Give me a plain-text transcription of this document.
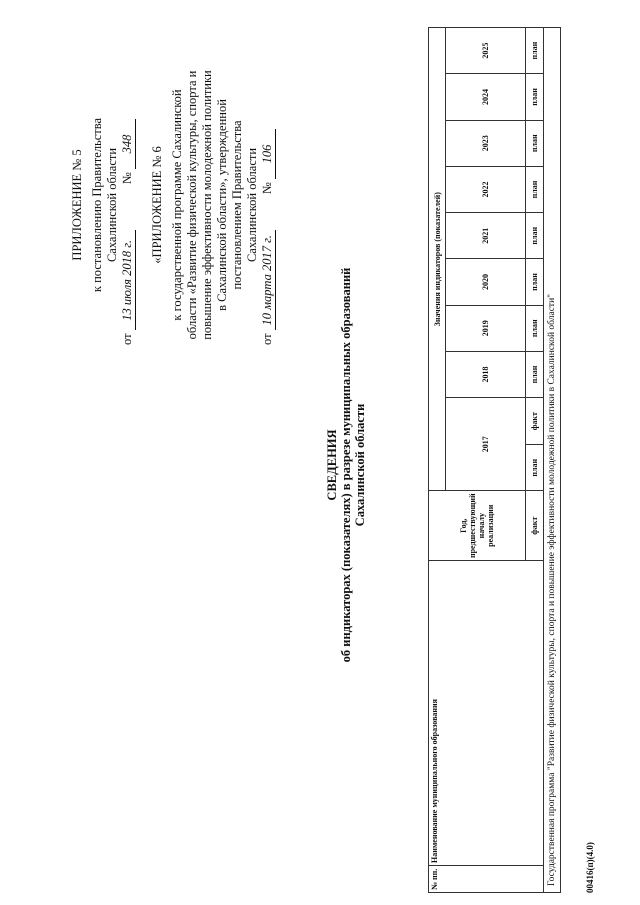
ПРИЛОЖЕНИЕ № 5 к постановлению Правительства Сахалинской области
от 13 июля 2018 г.  № 348
«ПРИЛОЖЕНИЕ № 6 к государственной программе Сахалинской области «Развитие физической культуры, спорта и повышение эффективности молодежной политики в Сахалинской области», утвержденной постановлением Правительства Сахалинской области
от 10 марта 2017 г.  № 106
СВЕДЕНИЯ об индикаторах (показателях) в разрезе муниципальных образований Сахалинской области
№ пп.	Наименование муниципального образования	Год, предшествующий началу реализации	Значения индикаторов (показателей)									
			2017		2018	2019	2020	2021	2022	2023	2024	2025
		факт	план	факт	план	план	план	план	план	план	план	план
Государственная программа "Развитие физической культуры, спорта и повышение эффективности молодежной политики в Сахалинской области"													00416(п)(4.0)
